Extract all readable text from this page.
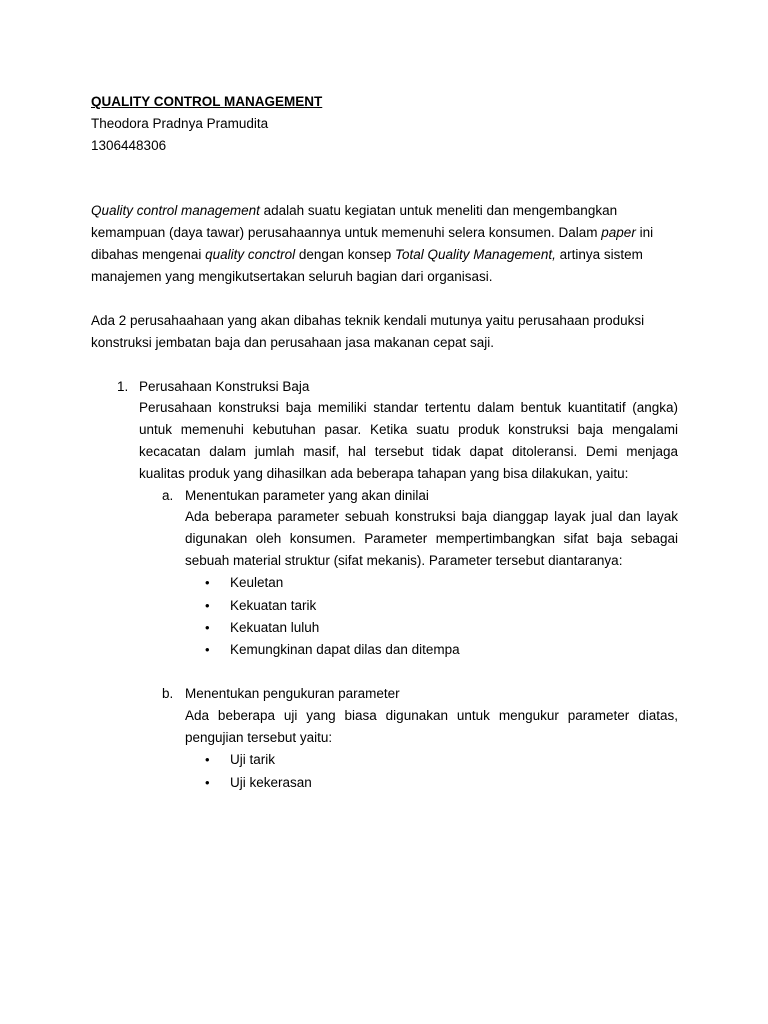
QUALITY CONTROL MANAGEMENT
Theodora Pradnya Pramudita
1306448306
Quality control management adalah suatu kegiatan untuk meneliti dan mengembangkan
kemampuan (daya tawar) perusahaannya untuk memenuhi selera konsumen. Dalam paper ini
dibahas mengenai quality conctrol dengan konsep Total Quality Management, artinya sistem
manajemen yang mengikutsertakan seluruh bagian dari organisasi.
Ada 2 perusahaahaan yang akan dibahas teknik kendali mutunya yaitu perusahaan produksi
konstruksi jembatan baja dan perusahaan jasa makanan cepat saji.
1. Perusahaan Konstruksi Baja
Perusahaan konstruksi baja memiliki standar tertentu dalam bentuk kuantitatif (angka)
untuk memenuhi kebutuhan pasar. Ketika suatu produk konstruksi baja mengalami
kecacatan dalam jumlah masif, hal tersebut tidak dapat ditoleransi. Demi menjaga
kualitas produk yang dihasilkan ada beberapa tahapan yang bisa dilakukan, yaitu:
a. Menentukan parameter yang akan dinilai
Ada beberapa parameter sebuah konstruksi baja dianggap layak jual dan layak
digunakan oleh konsumen. Parameter mempertimbangkan sifat baja sebagai
sebuah material struktur (sifat mekanis). Parameter tersebut diantaranya:
• Keuletan
• Kekuatan tarik
• Kekuatan luluh
• Kemungkinan dapat dilas dan ditempa
b. Menentukan pengukuran parameter
Ada beberapa uji yang biasa digunakan untuk mengukur parameter diatas,
pengujian tersebut yaitu:
• Uji tarik
• Uji kekerasan
